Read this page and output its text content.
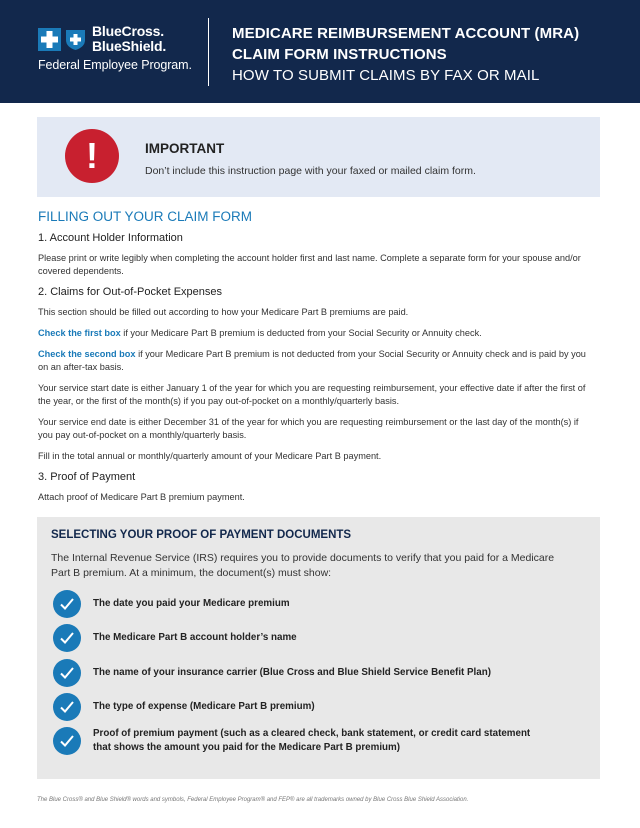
BlueCross.
BlueShield.
Federal Employee Program.
MEDICARE REIMBURSEMENT ACCOUNT (MRA)
CLAIM FORM INSTRUCTIONS
HOW TO SUBMIT CLAIMS BY FAX OR MAIL
!	IMPORTANT
Don’t include this instruction page with your faxed or mailed claim form.
FILLING OUT YOUR CLAIM FORM
1. Account Holder Information

Please print or write legibly when completing the account holder first and last name. Complete a separate form for your spouse and/or covered dependents.

2. Claims for Out-of-Pocket Expenses

This section should be filled out according to how your Medicare Part B premiums are paid.

Check the first box if your Medicare Part B premium is deducted from your Social Security or Annuity check.

Check the second box if your Medicare Part B premium is not deducted from your Social Security or Annuity check and is paid by you on an after-tax basis.

Your service start date is either January 1 of the year for which you are requesting reimbursement, your effective date if after the first of the year, or the first of the month(s) if you pay out-of-pocket on a monthly/quarterly basis.

Your service end date is either December 31 of the year for which you are requesting reimbursement or the last day of the month(s) if you pay out-of-pocket on a monthly/quarterly basis.

Fill in the total annual or monthly/quarterly amount of your Medicare Part B payment.

3. Proof of Payment

Attach proof of Medicare Part B premium payment.

SELECTING YOUR PROOF OF PAYMENT DOCUMENTS
The Internal Revenue Service (IRS) requires you to provide documents to verify that you paid for a Medicare Part B premium. At a minimum, the document(s) must show:
The date you paid your Medicare premium
The Medicare Part B account holder’s name
The name of your insurance carrier (Blue Cross and Blue Shield Service Benefit Plan)
The type of expense (Medicare Part B premium)
Proof of premium payment (such as a cleared check, bank statement, or credit card statement that shows the amount you paid for the Medicare Part B premium)
The Blue Cross® and Blue Shield® words and symbols, Federal Employee Program® and FEP® are all trademarks owned by Blue Cross Blue Shield Association.
